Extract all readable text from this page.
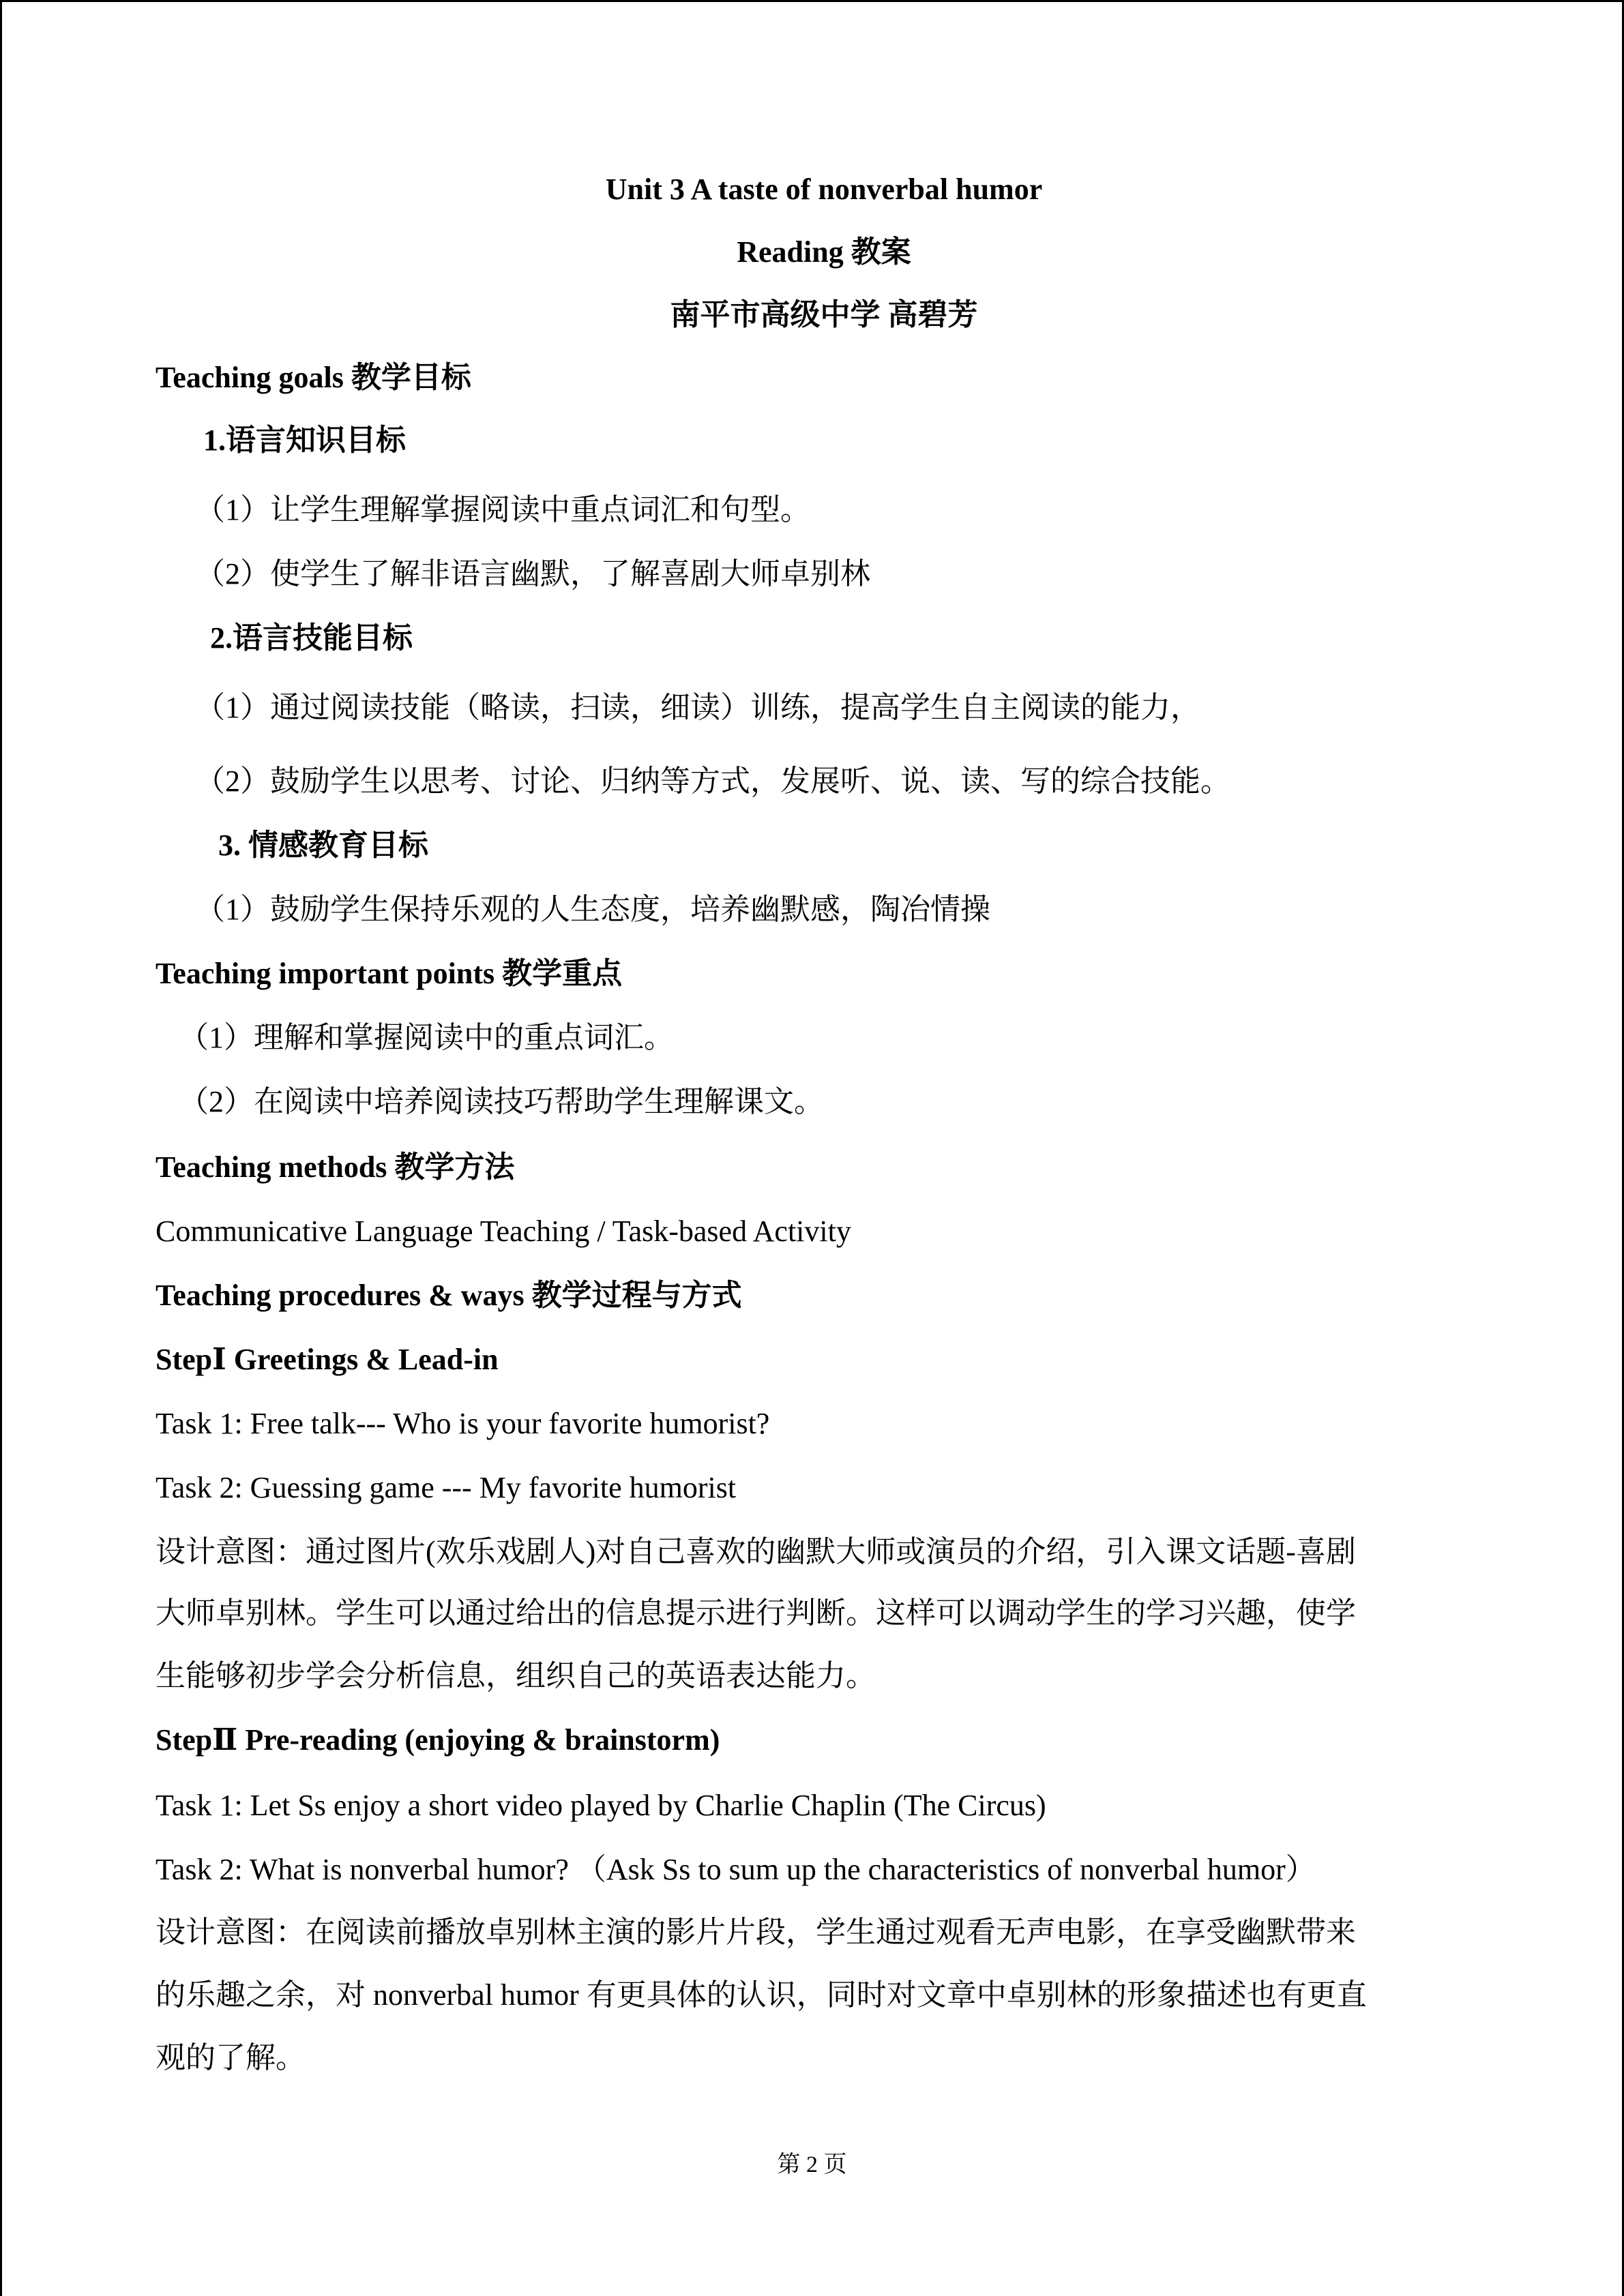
Unit 3 A taste of nonverbal humor
Reading 教案
南平市高级中学 高碧芳
Teaching goals 教学目标
1.语言知识目标
（1）让学生理解掌握阅读中重点词汇和句型。
（2）使学生了解非语言幽默，了解喜剧大师卓别林
2.语言技能目标
（1）通过阅读技能（略读，扫读，细读）训练，提高学生自主阅读的能力，
（2）鼓励学生以思考、讨论、归纳等方式，发展听、说、读、写的综合技能。
3. 情感教育目标
（1）鼓励学生保持乐观的人生态度，培养幽默感，陶冶情操
Teaching important points 教学重点
（1）理解和掌握阅读中的重点词汇。
（2）在阅读中培养阅读技巧帮助学生理解课文。
Teaching methods 教学方法
Communicative Language Teaching / Task-based Activity
Teaching procedures & ways 教学过程与方式
StepⅠ Greetings & Lead-in
Task 1: Free talk--- Who is your favorite humorist?
Task 2: Guessing game --- My favorite humorist
设计意图：通过图片(欢乐戏剧人)对自己喜欢的幽默大师或演员的介绍，引入课文话题-喜剧
大师卓别林。学生可以通过给出的信息提示进行判断。这样可以调动学生的学习兴趣，使学
生能够初步学会分析信息，组织自己的英语表达能力。
StepⅡ Pre-reading (enjoying & brainstorm)
Task 1: Let Ss enjoy a short video played by Charlie Chaplin (The Circus)
Task 2: What is nonverbal humor? （Ask Ss to sum up the characteristics of nonverbal humor）
设计意图：在阅读前播放卓别林主演的影片片段，学生通过观看无声电影，在享受幽默带来
的乐趣之余，对 nonverbal humor 有更具体的认识，同时对文章中卓别林的形象描述也有更直
观的了解。
第 2 页
